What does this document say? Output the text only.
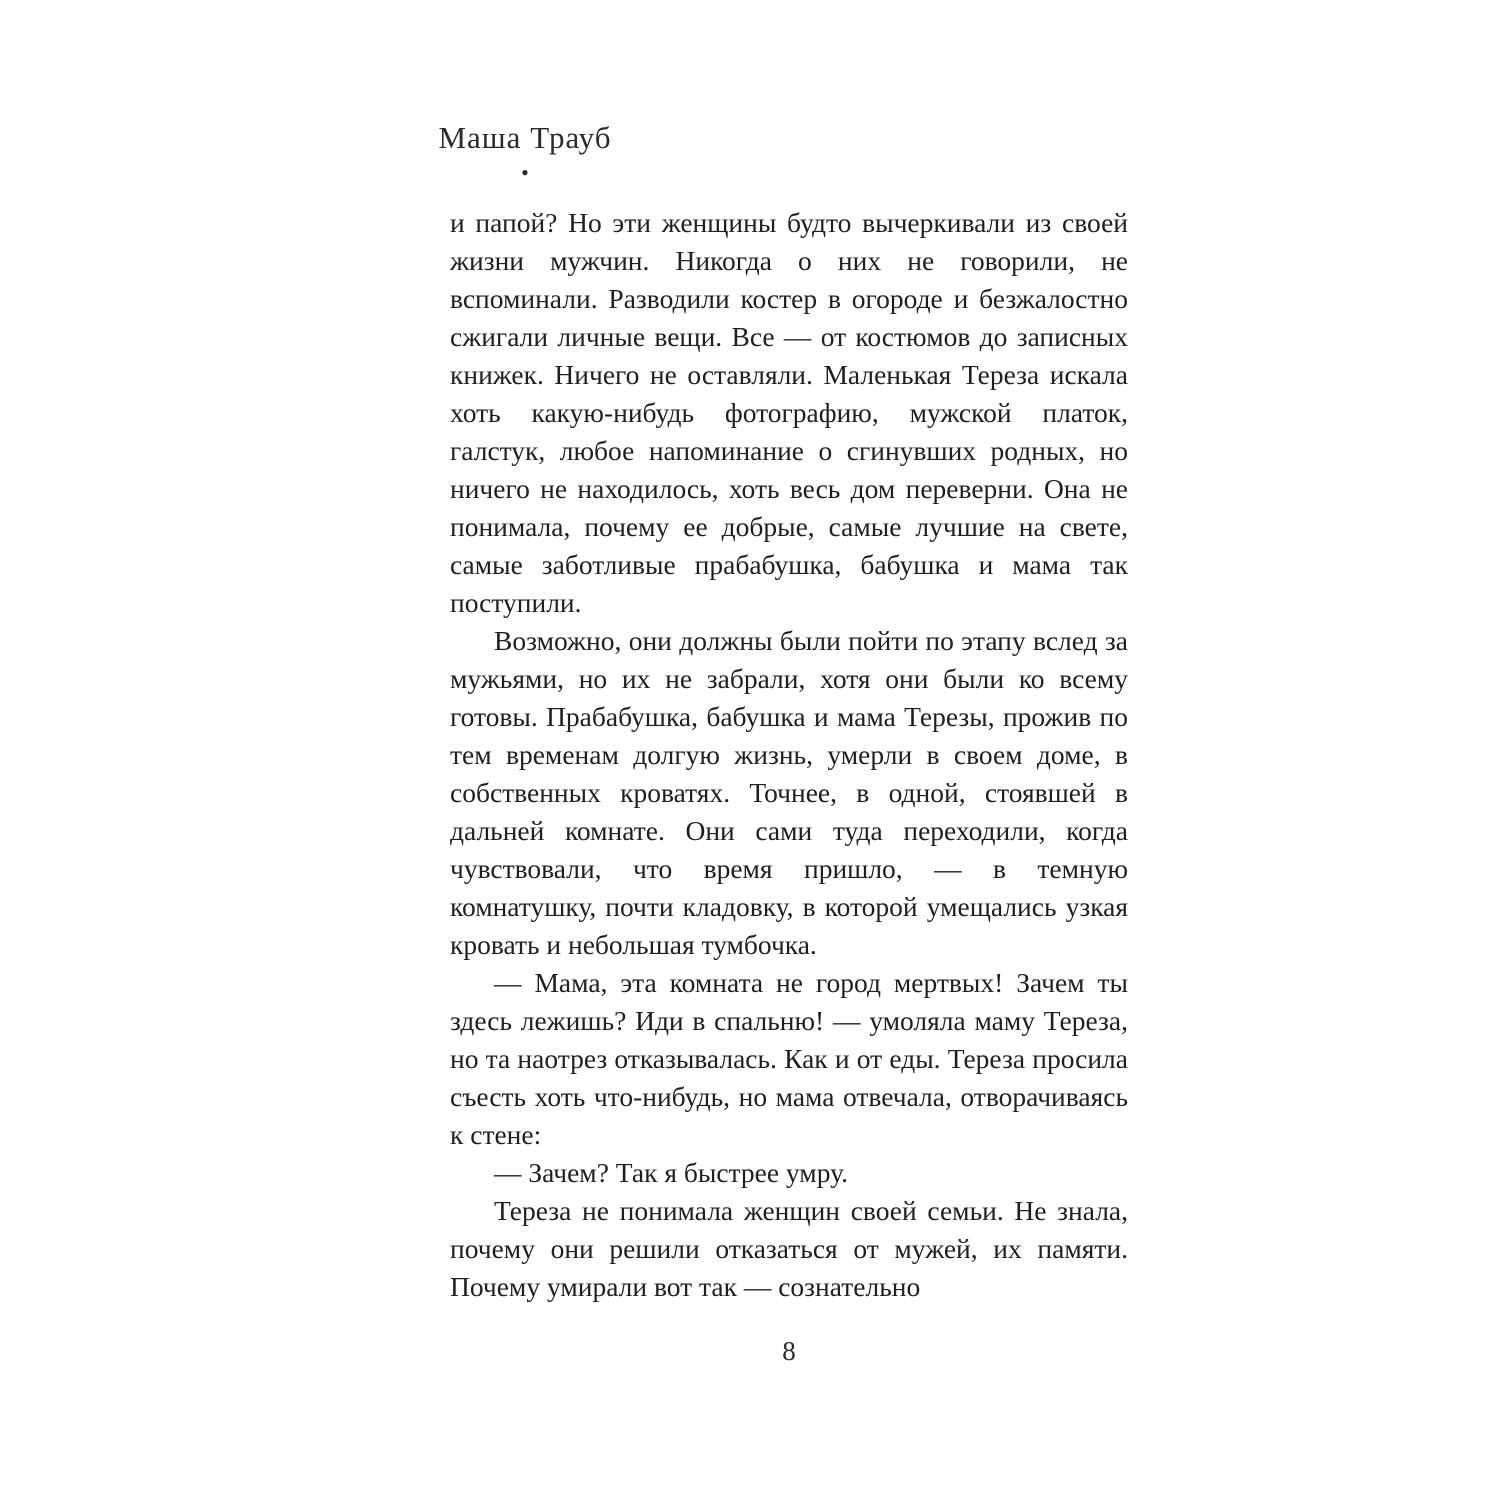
Маша Трауб
•

и папой? Но эти женщины будто вычеркивали из своей жизни мужчин. Никогда о них не говорили, не вспоминали. Разводили костер в огороде и безжалостно сжигали личные вещи. Все — от костюмов до записных книжек. Ничего не оставляли. Маленькая Тереза искала хоть какую-нибудь фотографию, мужской платок, галстук, любое напоминание о сгинувших родных, но ничего не находилось, хоть весь дом переверни. Она не понимала, почему ее добрые, самые лучшие на свете, самые заботливые прабабушка, бабушка и мама так поступили.

Возможно, они должны были пойти по этапу вслед за мужьями, но их не забрали, хотя они были ко всему готовы. Прабабушка, бабушка и мама Терезы, прожив по тем временам долгую жизнь, умерли в своем доме, в собственных кроватях. Точнее, в одной, стоявшей в дальней комнате. Они сами туда переходили, когда чувствовали, что время пришло, — в темную комнатушку, почти кладовку, в которой умещались узкая кровать и небольшая тумбочка.

— Мама, эта комната не город мертвых! Зачем ты здесь лежишь? Иди в спальню! — умоляла маму Тереза, но та наотрез отказывалась. Как и от еды. Тереза просила съесть хоть что-нибудь, но мама отвечала, отворачиваясь к стене:

— Зачем? Так я быстрее умру.

Тереза не понимала женщин своей семьи. Не знала, почему они решили отказаться от мужей, их памяти. Почему умирали вот так — сознательно

8
